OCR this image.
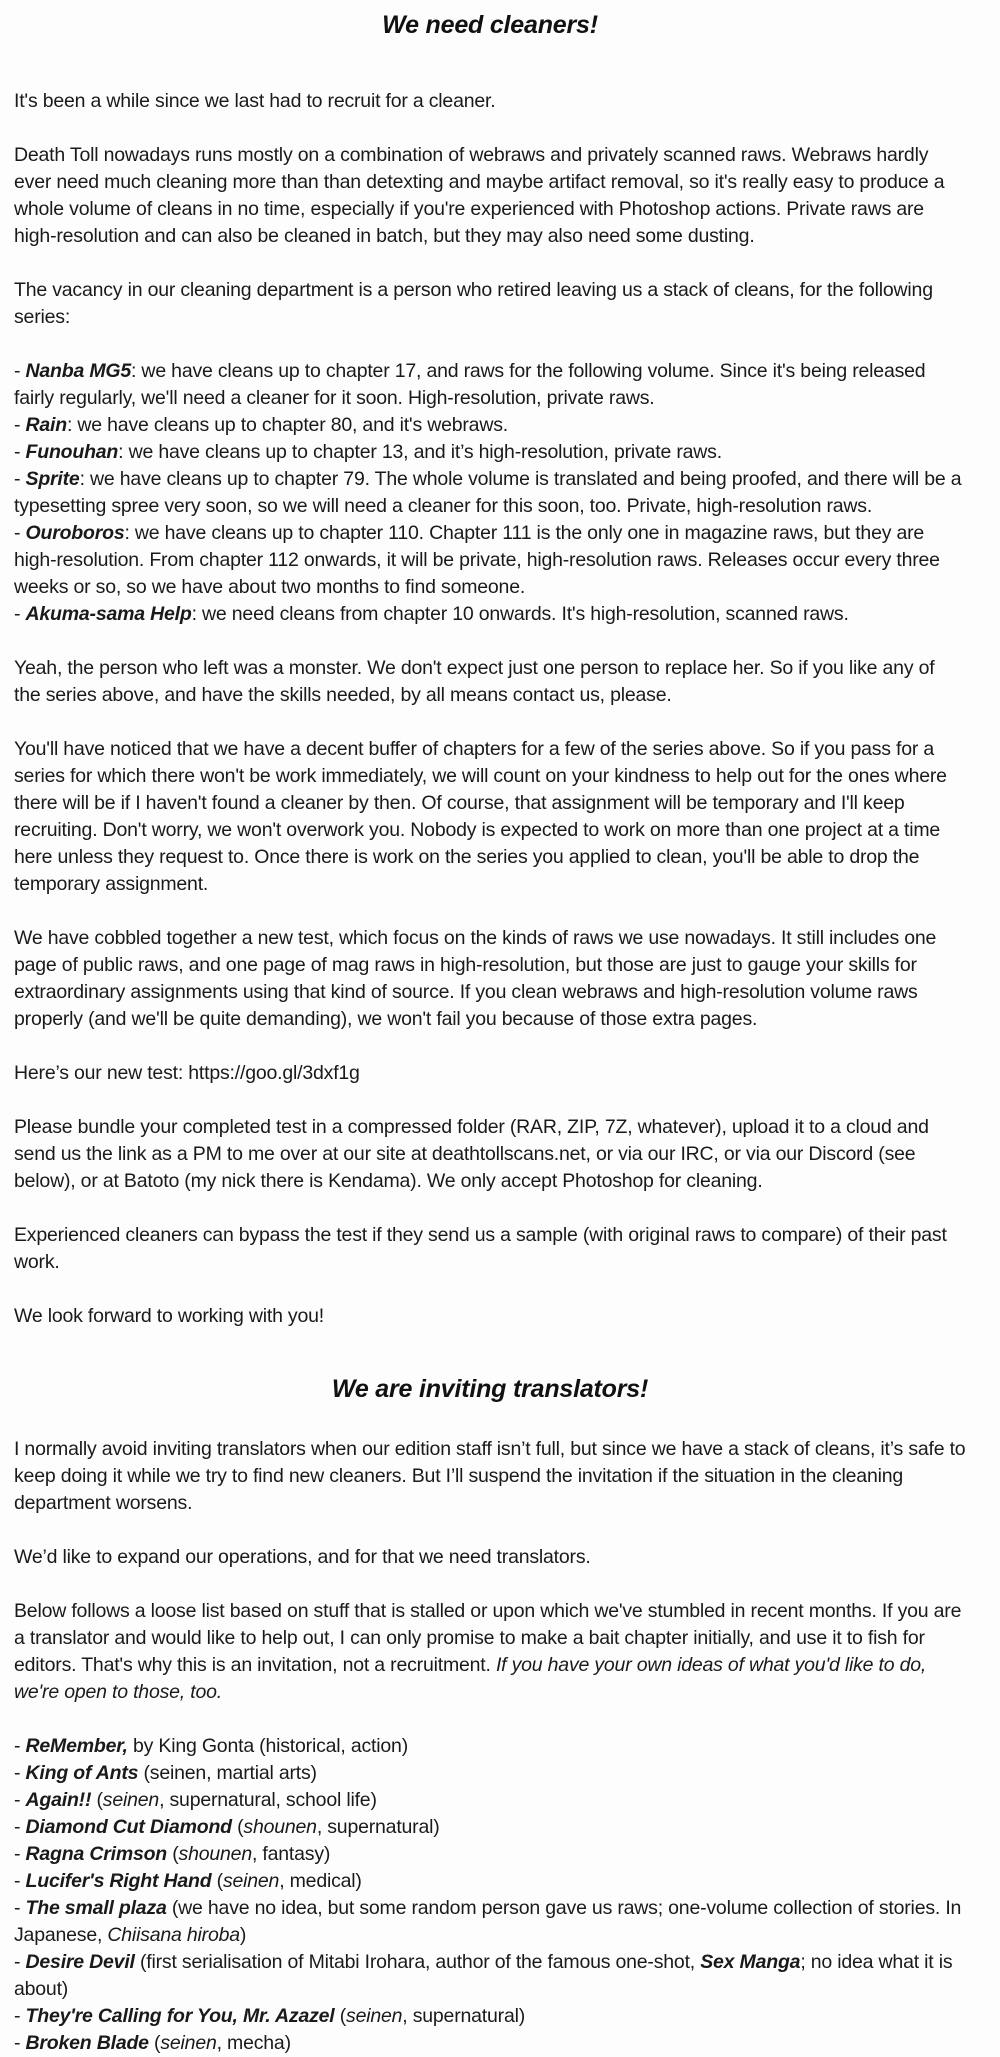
We need cleaners!

It's been a while since we last had to recruit for a cleaner.

Death Toll nowadays runs mostly on a combination of webraws and privately scanned raws. Webraws hardly ever need much cleaning more than than detexting and maybe artifact removal, so it's really easy to produce a whole volume of cleans in no time, especially if you're experienced with Photoshop actions. Private raws are high-resolution and can also be cleaned in batch, but they may also need some dusting.

The vacancy in our cleaning department is a person who retired leaving us a stack of cleans, for the following series:

- Nanba MG5: we have cleans up to chapter 17, and raws for the following volume. Since it's being released fairly regularly, we'll need a cleaner for it soon. High-resolution, private raws.
- Rain: we have cleans up to chapter 80, and it's webraws.
- Funouhan: we have cleans up to chapter 13, and it’s high-resolution, private raws.
- Sprite: we have cleans up to chapter 79. The whole volume is translated and being proofed, and there will be a typesetting spree very soon, so we will need a cleaner for this soon, too. Private, high-resolution raws.
- Ouroboros: we have cleans up to chapter 110. Chapter 111 is the only one in magazine raws, but they are high-resolution. From chapter 112 onwards, it will be private, high-resolution raws. Releases occur every three weeks or so, so we have about two months to find someone.
- Akuma-sama Help: we need cleans from chapter 10 onwards. It's high-resolution, scanned raws.

Yeah, the person who left was a monster. We don't expect just one person to replace her. So if you like any of the series above, and have the skills needed, by all means contact us, please.

You'll have noticed that we have a decent buffer of chapters for a few of the series above. So if you pass for a series for which there won't be work immediately, we will count on your kindness to help out for the ones where there will be if I haven't found a cleaner by then. Of course, that assignment will be temporary and I'll keep recruiting. Don't worry, we won't overwork you. Nobody is expected to work on more than one project at a time here unless they request to. Once there is work on the series you applied to clean, you'll be able to drop the temporary assignment.

We have cobbled together a new test, which focus on the kinds of raws we use nowadays. It still includes one page of public raws, and one page of mag raws in high-resolution, but those are just to gauge your skills for extraordinary assignments using that kind of source. If you clean webraws and high-resolution volume raws properly (and we'll be quite demanding), we won't fail you because of those extra pages.

Here’s our new test: https://goo.gl/3dxf1g

Please bundle your completed test in a compressed folder (RAR, ZIP, 7Z, whatever), upload it to a cloud and send us the link as a PM to me over at our site at deathtollscans.net, or via our IRC, or via our Discord (see below), or at Batoto (my nick there is Kendama). We only accept Photoshop for cleaning.

Experienced cleaners can bypass the test if they send us a sample (with original raws to compare) of their past work.

We look forward to working with you!

We are inviting translators!

I normally avoid inviting translators when our edition staff isn’t full, but since we have a stack of cleans, it’s safe to keep doing it while we try to find new cleaners. But I’ll suspend the invitation if the situation in the cleaning department worsens.

We’d like to expand our operations, and for that we need translators.

Below follows a loose list based on stuff that is stalled or upon which we've stumbled in recent months. If you are a translator and would like to help out, I can only promise to make a bait chapter initially, and use it to fish for editors. That's why this is an invitation, not a recruitment. If you have your own ideas of what you'd like to do, we're open to those, too.

- ReMember, by King Gonta (historical, action)
- King of Ants (seinen, martial arts)
- Again!! (seinen, supernatural, school life)
- Diamond Cut Diamond (shounen, supernatural)
- Ragna Crimson (shounen, fantasy)
- Lucifer's Right Hand (seinen, medical)
- The small plaza (we have no idea, but some random person gave us raws; one-volume collection of stories. In Japanese, Chiisana hiroba)
- Desire Devil (first serialisation of Mitabi Irohara, author of the famous one-shot, Sex Manga; no idea what it is about)
- They're Calling for You, Mr. Azazel (seinen, supernatural)
- Broken Blade (seinen, mecha)
